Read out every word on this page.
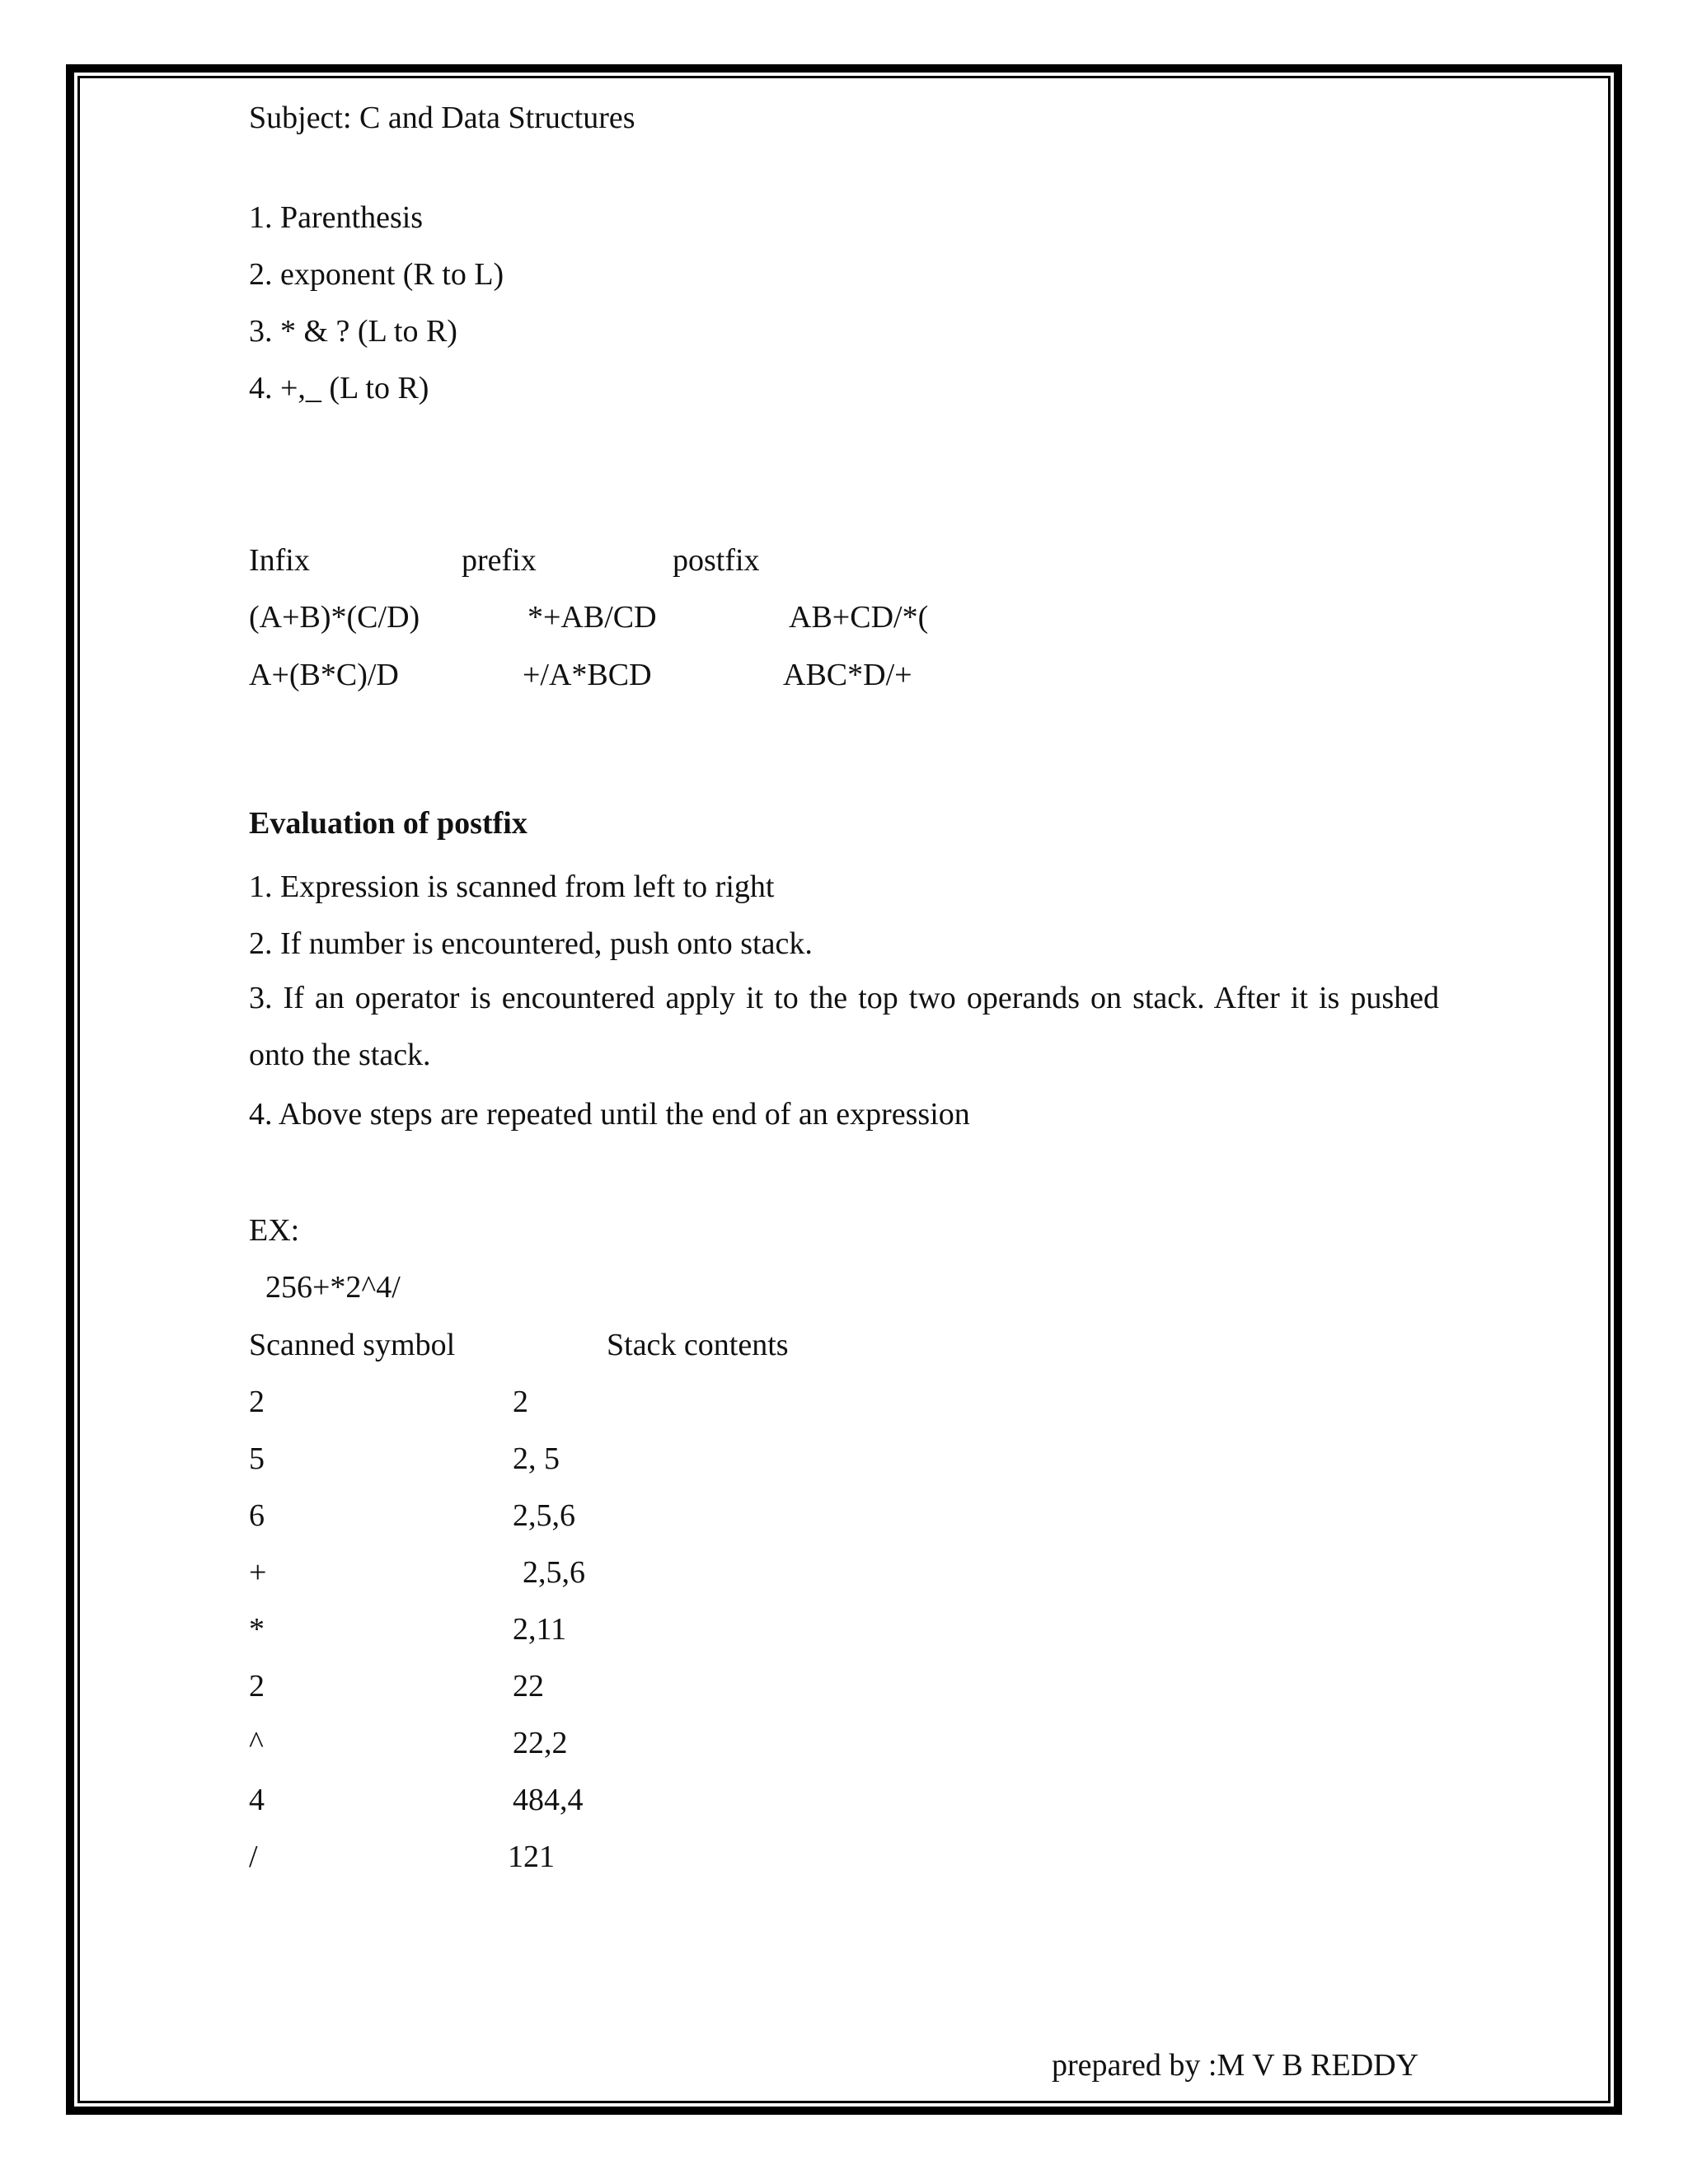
Subject: C and Data Structures
1. Parenthesis
2. exponent (R to L)
3. * & ? (L to R)
4. +,_ (L to R)
Infix	prefix	postfix
(A+B)*(C/D)	*+AB/CD	AB+CD/*(
A+(B*C)/D	+/A*BCD	ABC*D/+
Evaluation of postfix
1. Expression is scanned from left to right
2. If number is encountered, push onto stack.
3. If an operator is encountered apply it to the top two operands on stack. After it is pushed onto the stack.
4. Above steps are repeated until the end of an expression
EX:
256+*2^4/
Scanned symbol	Stack contents
2	2
5	2, 5
6	2,5,6
+	2,5,6
*	2,11
2	22
^	22,2
4	484,4
/	121
prepared by :M V B REDDY
